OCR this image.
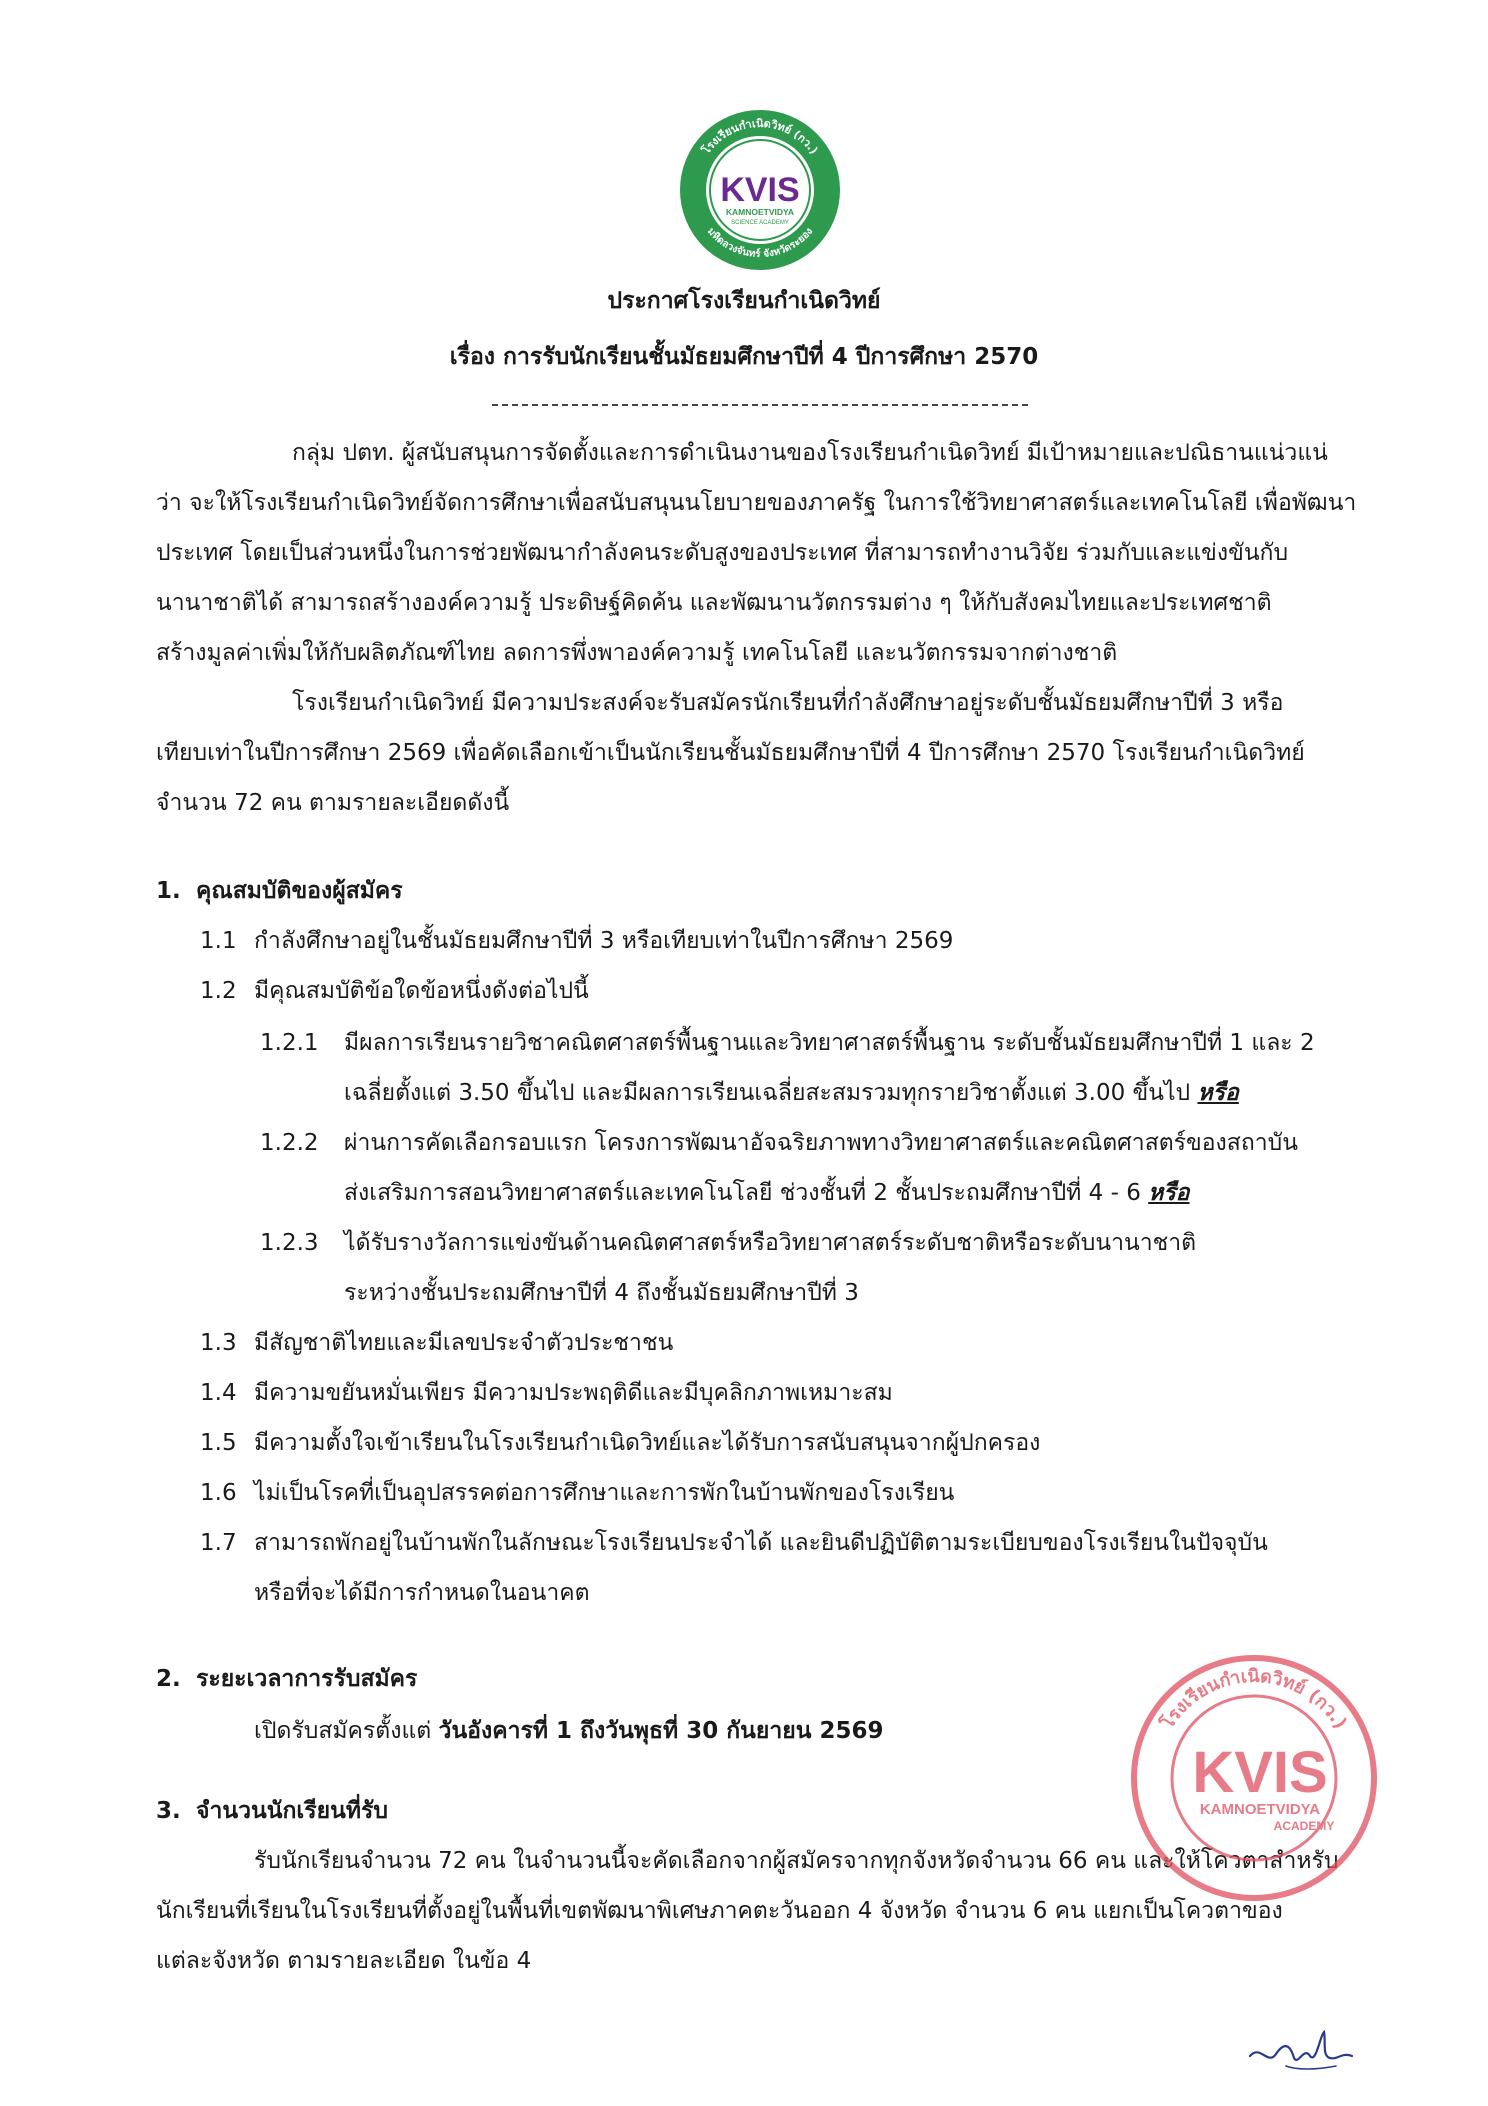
โรงเรียนกำเนิดวิทย์ (กว.)
มหิดลวงจันทร์ จังหวัดระยอง
KVIS
KAMNOETVIDYA
SCIENCE ACADEMY
ประกาศโรงเรียนกำเนิดวิทย์
เรื่อง การรับนักเรียนชั้นมัธยมศึกษาปีที่ 4 ปีการศึกษา 2570
กลุ่ม ปตท. ผู้สนับสนุนการจัดตั้งและการดำเนินงานของโรงเรียนกำเนิดวิทย์ มีเป้าหมายและปณิธานแน่วแน่
ว่า จะให้โรงเรียนกำเนิดวิทย์จัดการศึกษาเพื่อสนับสนุนนโยบายของภาครัฐ ในการใช้วิทยาศาสตร์และเทคโนโลยี เพื่อพัฒนา
ประเทศ โดยเป็นส่วนหนึ่งในการช่วยพัฒนากำลังคนระดับสูงของประเทศ ที่สามารถทำงานวิจัย ร่วมกับและแข่งขันกับ
นานาชาติได้ สามารถสร้างองค์ความรู้ ประดิษฐ์คิดค้น และพัฒนานวัตกรรมต่าง ๆ ให้กับสังคมไทยและประเทศชาติ
สร้างมูลค่าเพิ่มให้กับผลิตภัณฑ์ไทย ลดการพึ่งพาองค์ความรู้ เทคโนโลยี และนวัตกรรมจากต่างชาติ
โรงเรียนกำเนิดวิทย์ มีความประสงค์จะรับสมัครนักเรียนที่กำลังศึกษาอยู่ระดับชั้นมัธยมศึกษาปีที่ 3 หรือ
เทียบเท่าในปีการศึกษา 2569 เพื่อคัดเลือกเข้าเป็นนักเรียนชั้นมัธยมศึกษาปีที่ 4 ปีการศึกษา 2570 โรงเรียนกำเนิดวิทย์
จำนวน 72 คน ตามรายละเอียดดังนี้
1. คุณสมบัติของผู้สมัคร
1.1 กำลังศึกษาอยู่ในชั้นมัธยมศึกษาปีที่ 3 หรือเทียบเท่าในปีการศึกษา 2569
1.2 มีคุณสมบัติข้อใดข้อหนึ่งดังต่อไปนี้
1.2.1 มีผลการเรียนรายวิชาคณิตศาสตร์พื้นฐานและวิทยาศาสตร์พื้นฐาน ระดับชั้นมัธยมศึกษาปีที่ 1 และ 2
เฉลี่ยตั้งแต่ 3.50 ขึ้นไป และมีผลการเรียนเฉลี่ยสะสมรวมทุกรายวิชาตั้งแต่ 3.00 ขึ้นไป หรือ
1.2.2 ผ่านการคัดเลือกรอบแรก โครงการพัฒนาอัจฉริยภาพทางวิทยาศาสตร์และคณิตศาสตร์ของสถาบัน
ส่งเสริมการสอนวิทยาศาสตร์และเทคโนโลยี ช่วงชั้นที่ 2 ชั้นประถมศึกษาปีที่ 4 - 6 หรือ
1.2.3 ได้รับรางวัลการแข่งขันด้านคณิตศาสตร์หรือวิทยาศาสตร์ระดับชาติหรือระดับนานาชาติ
ระหว่างชั้นประถมศึกษาปีที่ 4 ถึงชั้นมัธยมศึกษาปีที่ 3
1.3 มีสัญชาติไทยและมีเลขประจำตัวประชาชน
1.4 มีความขยันหมั่นเพียร มีความประพฤติดีและมีบุคลิกภาพเหมาะสม
1.5 มีความตั้งใจเข้าเรียนในโรงเรียนกำเนิดวิทย์และได้รับการสนับสนุนจากผู้ปกครอง
1.6 ไม่เป็นโรคที่เป็นอุปสรรคต่อการศึกษาและการพักในบ้านพักของโรงเรียน
1.7 สามารถพักอยู่ในบ้านพักในลักษณะโรงเรียนประจำได้ และยินดีปฏิบัติตามระเบียบของโรงเรียนในปัจจุบัน
หรือที่จะได้มีการกำหนดในอนาคต
2. ระยะเวลาการรับสมัคร
เปิดรับสมัครตั้งแต่ วันอังคารที่ 1 ถึงวันพุธที่ 30 กันยายน 2569
3. จำนวนนักเรียนที่รับ
รับนักเรียนจำนวน 72 คน ในจำนวนนี้จะคัดเลือกจากผู้สมัครจากทุกจังหวัดจำนวน 66 คน และให้โควตาสำหรับ
นักเรียนที่เรียนในโรงเรียนที่ตั้งอยู่ในพื้นที่เขตพัฒนาพิเศษภาคตะวันออก 4 จังหวัด จำนวน 6 คน แยกเป็นโควตาของ
แต่ละจังหวัด ตามรายละเอียด ในข้อ 4
โรงเรียนกำเนิดวิทย์ (กว.)
KVIS
KAMNOETVIDYA
ACADEMY
